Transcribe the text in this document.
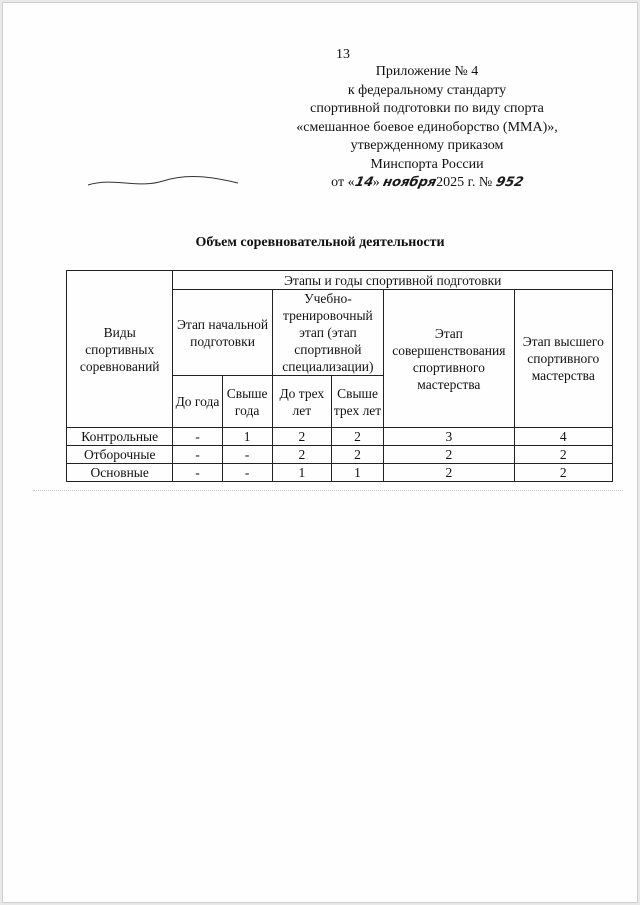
13
Приложение № 4
к федеральному стандарту
спортивной подготовки по виду спорта
«смешанное боевое единоборство (ММА)»,
утвержденному приказом
Минспорта России
от «14» ноября2025 г. № 952
Объем соревновательной деятельности
Виды спортивных соревнований	Этапы и годы спортивной подготовки					
	Этап начальной подготовки		Учебно-тренировочный этап (этап спортивной специализации)		Этап совершенствования спортивного мастерства	Этап высшего спортивного мастерства
	До года	Свыше года	До трех лет	Свыше трех лет		
Контрольные	-	1	2	2	3	4
Отборочные	-	-	2	2	2	2
Основные	-	-	1	1	2	2
